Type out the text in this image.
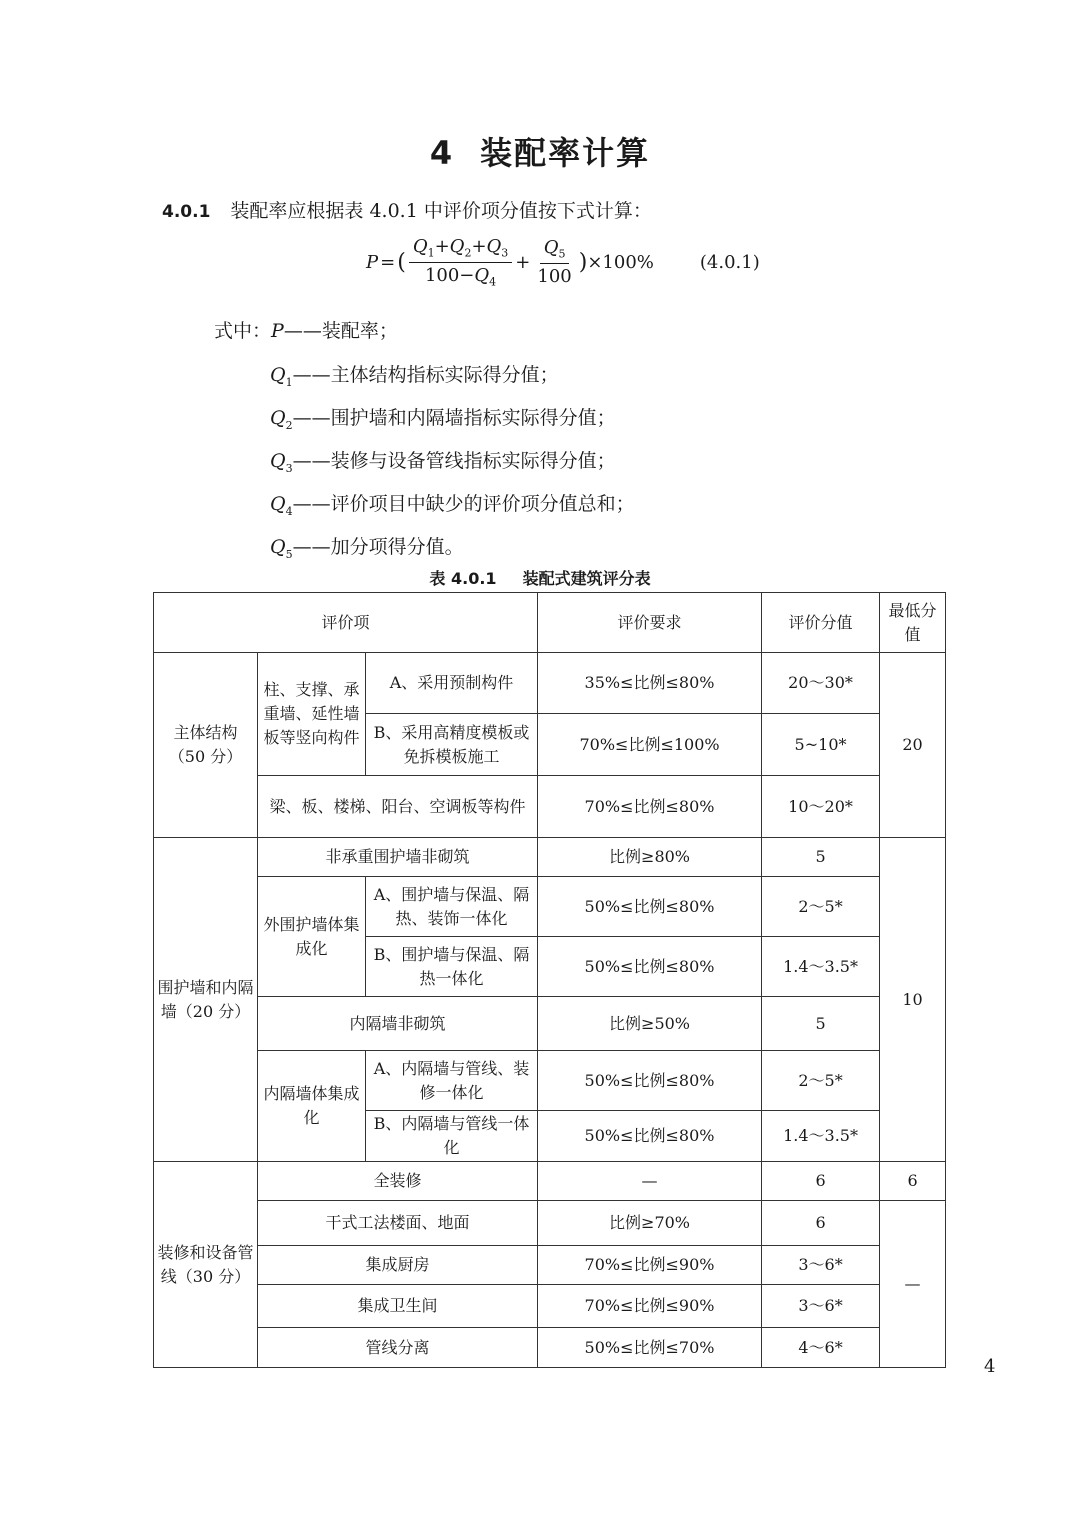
4 装配率计算
4.0.1 装配率应根据表 4.0.1 中评价项分值按下式计算：
P = ( $\frac{Q_1+Q_2+Q_3}{100-Q_4} + \frac{Q_5}{100}$ ) ×100%	(4.0.1)
式中：P——装配率；
$Q_1——$主体结构指标实际得分值；
$Q_2——$围护墙和内隔墙指标实际得分值；
$Q_3——$装修与设备管线指标实际得分值；
$Q_4——$评价项目中缺少的评价项分值总和；
$Q_5——$加分项得分值。
表 4.0.1 装配式建筑评分表
评价项			评价要求	评价分值	最低分值
主体结构（50 分）	柱、支撑、承重墙、延性墙板等竖向构件	A、采用预制构件	35%≤比例≤80%	20～30*	20
		B、采用高精度模板或免拆模板施工	70%≤比例≤100%	5~10*	
	梁、板、楼梯、阳台、空调板等构件		70%≤比例≤80%	10～20*	
围护墙和内隔墙（20 分）	非承重围护墙非砌筑		比例≥80%	5	10
	外围护墙体集成化	A、围护墙与保温、隔热、装饰一体化	50%≤比例≤80%	2～5*	
		B、围护墙与保温、隔热一体化	50%≤比例≤80%	1.4～3.5*	
	内隔墙非砌筑		比例≥50%	5	
	内隔墙体集成化	A、内隔墙与管线、装修一体化	50%≤比例≤80%	2～5*	
		B、内隔墙与管线一体化	50%≤比例≤80%	1.4～3.5*	
装修和设备管线（30 分）	全装修		—	6	6
	干式工法楼面、地面		比例≥70%	6	—
	集成厨房		70%≤比例≤90%	3～6*	
	集成卫生间		70%≤比例≤90%	3～6*	
	管线分离		50%≤比例≤70%	4～6*	
4
